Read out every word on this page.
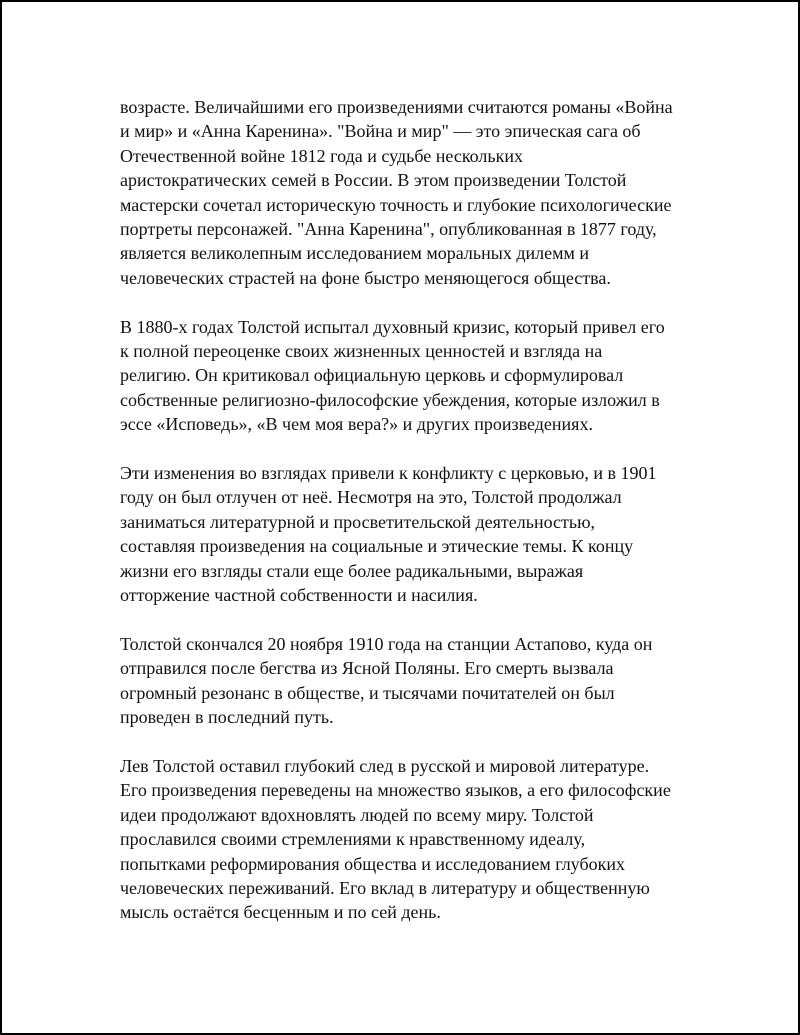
возрасте. Величайшими его произведениями считаются романы «Война
и мир» и «Анна Каренина». "Война и мир" — это эпическая сага об
Отечественной войне 1812 года и судьбе нескольких
аристократических семей в России. В этом произведении Толстой
мастерски сочетал историческую точность и глубокие психологические
портреты персонажей. "Анна Каренина", опубликованная в 1877 году,
является великолепным исследованием моральных дилемм и
человеческих страстей на фоне быстро меняющегося общества.

В 1880-х годах Толстой испытал духовный кризис, который привел его
к полной переоценке своих жизненных ценностей и взгляда на
религию. Он критиковал официальную церковь и сформулировал
собственные религиозно-философские убеждения, которые изложил в
эссе «Исповедь», «В чем моя вера?» и других произведениях.

Эти изменения во взглядах привели к конфликту с церковью, и в 1901
году он был отлучен от неё. Несмотря на это, Толстой продолжал
заниматься литературной и просветительской деятельностью,
составляя произведения на социальные и этические темы. К концу
жизни его взгляды стали еще более радикальными, выражая
отторжение частной собственности и насилия.

Толстой скончался 20 ноября 1910 года на станции Астапово, куда он
отправился после бегства из Ясной Поляны. Его смерть вызвала
огромный резонанс в обществе, и тысячами почитателей он был
проведен в последний путь.

Лев Толстой оставил глубокий след в русской и мировой литературе.
Его произведения переведены на множество языков, а его философские
идеи продолжают вдохновлять людей по всему миру. Толстой
прославился своими стремлениями к нравственному идеалу,
попытками реформирования общества и исследованием глубоких
человеческих переживаний. Его вклад в литературу и общественную
мысль остаётся бесценным и по сей день.
